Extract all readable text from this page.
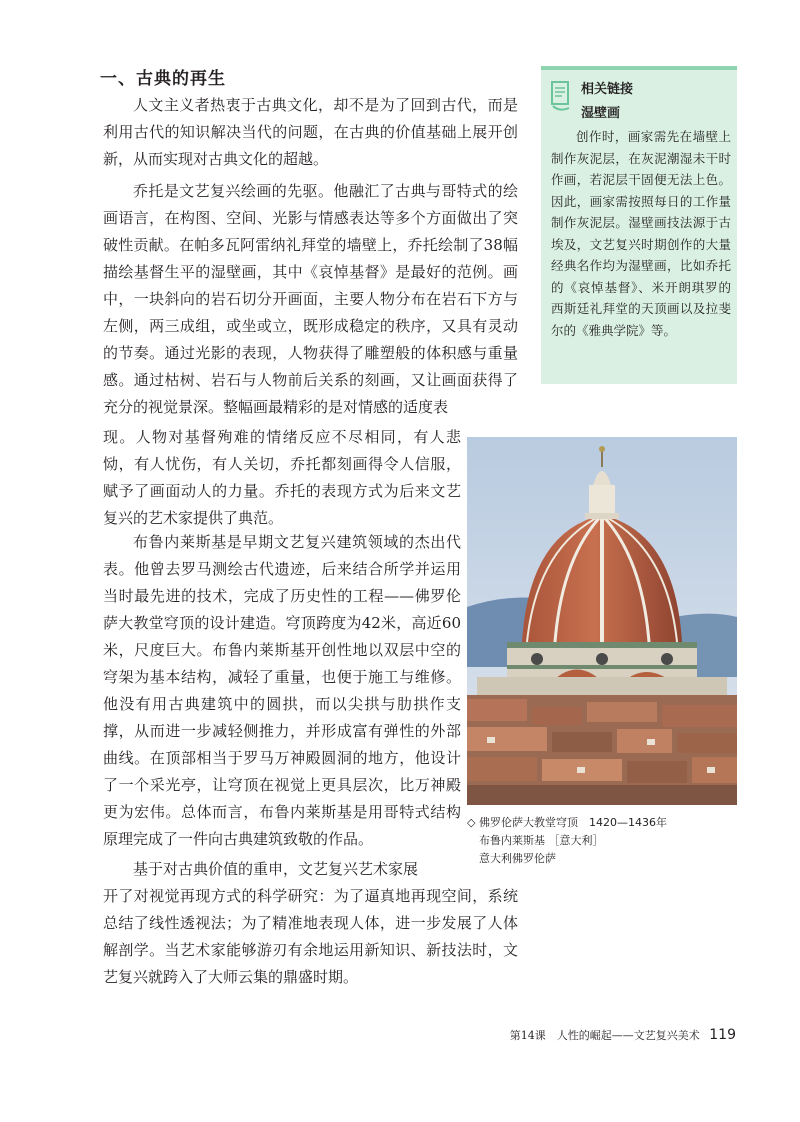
一、古典的再生

人文主义者热衷于古典文化，却不是为了回到古代，而是利用古代的知识解决当代的问题，在古典的价值基础上展开创新，从而实现对古典文化的超越。

乔托是文艺复兴绘画的先驱。他融汇了古典与哥特式的绘画语言，在构图、空间、光影与情感表达等多个方面做出了突破性贡献。在帕多瓦阿雷纳礼拜堂的墙壁上，乔托绘制了38幅描绘基督生平的湿壁画，其中《哀悼基督》是最好的范例。画中，一块斜向的岩石切分开画面，主要人物分布在岩石下方与左侧，两三成组，或坐或立，既形成稳定的秩序，又具有灵动的节奏。通过光影的表现，人物获得了雕塑般的体积感与重量感。通过枯树、岩石与人物前后关系的刻画，又让画面获得了充分的视觉景深。整幅画最精彩的是对情感的适度表

布鲁内莱斯基是早期文艺复兴建筑领域的杰出代表。他曾去罗马测绘古代遗迹，后来结合所学并运用当时最先进的技术，完成了历史性的工程——佛罗伦萨大教堂穹顶的设计建造。穹顶跨度为42米，高近60米，尺度巨大。布鲁内莱斯基开创性地以双层中空的穹架为基本结构，减轻了重量，也便于施工与维修。他没有用古典建筑中的圆拱，而以尖拱与肋拱作支撑，从而进一步减轻侧推力，并形成富有弹性的外部曲线。在顶部相当于罗马万神殿圆洞的地方，他设计了一个采光亭，让穹顶在视觉上更具层次，比万神殿更为宏伟。总体而言，布鲁内莱斯基是用哥特式结构原理完成了一件向古典建筑致敬的作品。

基于对古典价值的重申，文艺复兴艺术家展

现。人物对基督殉难的情绪反应不尽相同，有人悲恸，有人忧伤，有人关切，乔托都刻画得令人信服，赋予了画面动人的力量。乔托的表现方式为后来文艺复兴的艺术家提供了典范。

开了对视觉再现方式的科学研究：为了逼真地再现空间，系统总结了线性透视法；为了精准地表现人体，进一步发展了人体解剖学。当艺术家能够游刃有余地运用新知识、新技法时，文艺复兴就跨入了大师云集的鼎盛时期。

相关链接
湿壁画

创作时，画家需先在墙壁上制作灰泥层，在灰泥潮湿未干时作画，若泥层干固便无法上色。因此，画家需按照每日的工作量制作灰泥层。湿壁画技法源于古埃及，文艺复兴时期创作的大量经典名作均为湿壁画，比如乔托的《哀悼基督》、米开朗琪罗的西斯廷礼拜堂的天顶画以及拉斐尔的《雅典学院》等。

◇ 佛罗伦萨大教堂穹顶　1420—1436年
布鲁内莱斯基 ［意大利］
意大利佛罗伦萨
第14课　人性的崛起——文艺复兴美术 119
